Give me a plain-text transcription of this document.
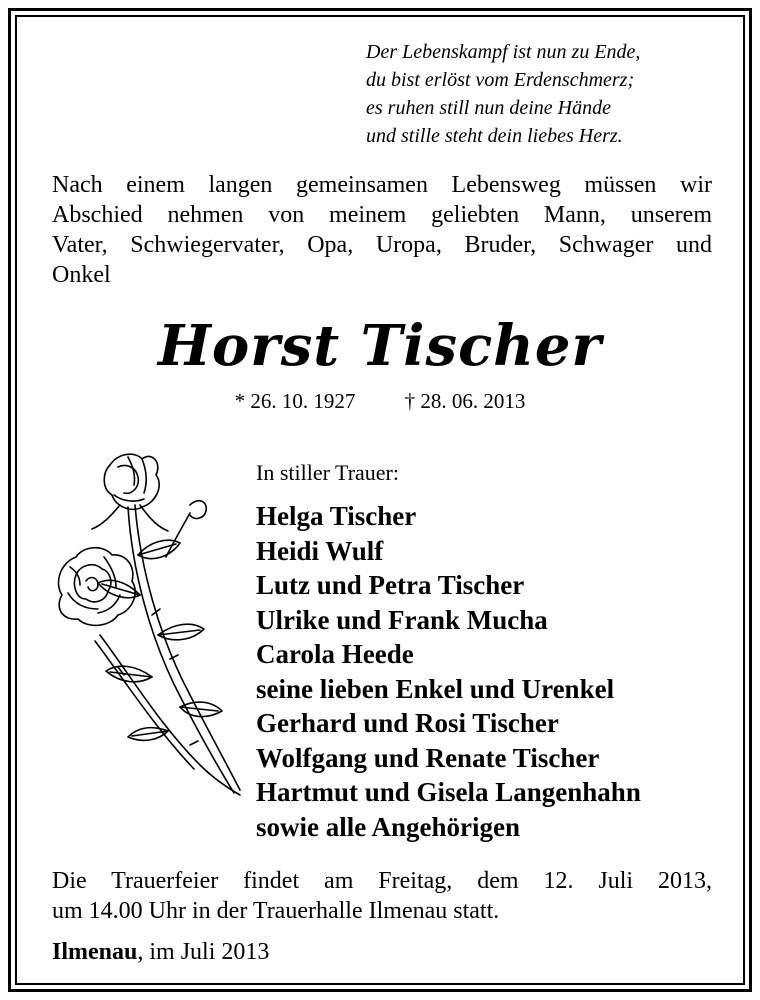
Der Lebenskampf ist nun zu Ende,
du bist erlöst vom Erdenschmerz;
es ruhen still nun deine Hände
und stille steht dein liebes Herz.
Nach einem langen gemeinsamen Lebensweg müssen wir
Abschied nehmen von meinem geliebten Mann, unserem
Vater, Schwiegervater, Opa, Uropa, Bruder, Schwager und
Onkel
Horst Tischer
* 26. 10. 1927 † 28. 06. 2013
In stiller Trauer:
Helga Tischer
Heidi Wulf
Lutz und Petra Tischer
Ulrike und Frank Mucha
Carola Heede
seine lieben Enkel und Urenkel
Gerhard und Rosi Tischer
Wolfgang und Renate Tischer
Hartmut und Gisela Langenhahn
sowie alle Angehörigen
Die Trauerfeier findet am Freitag, dem 12. Juli 2013,
um 14.00 Uhr in der Trauerhalle Ilmenau statt.
Ilmenau, im Juli 2013
